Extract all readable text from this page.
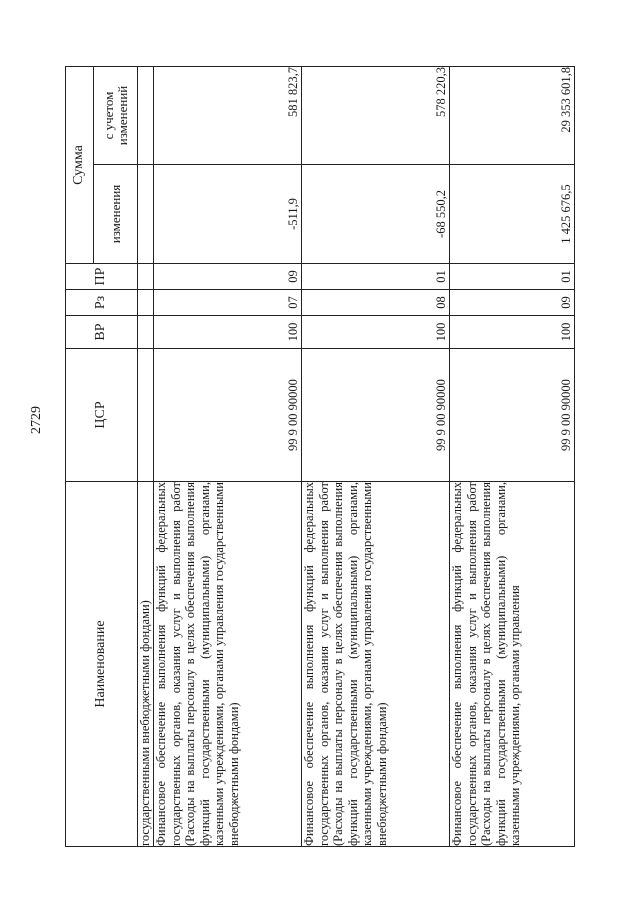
2729
Наименование	ЦСР	ВР	Рз	ПР	Сумма	
					изменения	с учетом изменений

государственными внебюджетными фондами)						

Финансовое обеспечение выполнения функций федеральных государственных органов, оказания услуг и выполнения работ (Расходы на выплаты персоналу в целях обеспечения выполнения функций государственными (муниципальными) органами, казенными учреждениями, органами управления государственными внебюджетными фондами)	99 9 00 90000	100	07	09	-511,9	581 823,7
Финансовое обеспечение выполнения функций федеральных государственных органов, оказания услуг и выполнения работ (Расходы на выплаты персоналу в целях обеспечения выполнения функций государственными (муниципальными) органами, казенными учреждениями, органами управления государственными внебюджетными фондами)	99 9 00 90000	100	08	01	-68 550,2	578 220,3
Финансовое обеспечение выполнения функций федеральных государственных органов, оказания услуг и выполнения работ (Расходы на выплаты персоналу в целях обеспечения выполнения функций государственными (муниципальными) органами, казенными учреждениями, органами управления	99 9 00 90000	100	09	01	1 425 676,5	29 353 601,8
